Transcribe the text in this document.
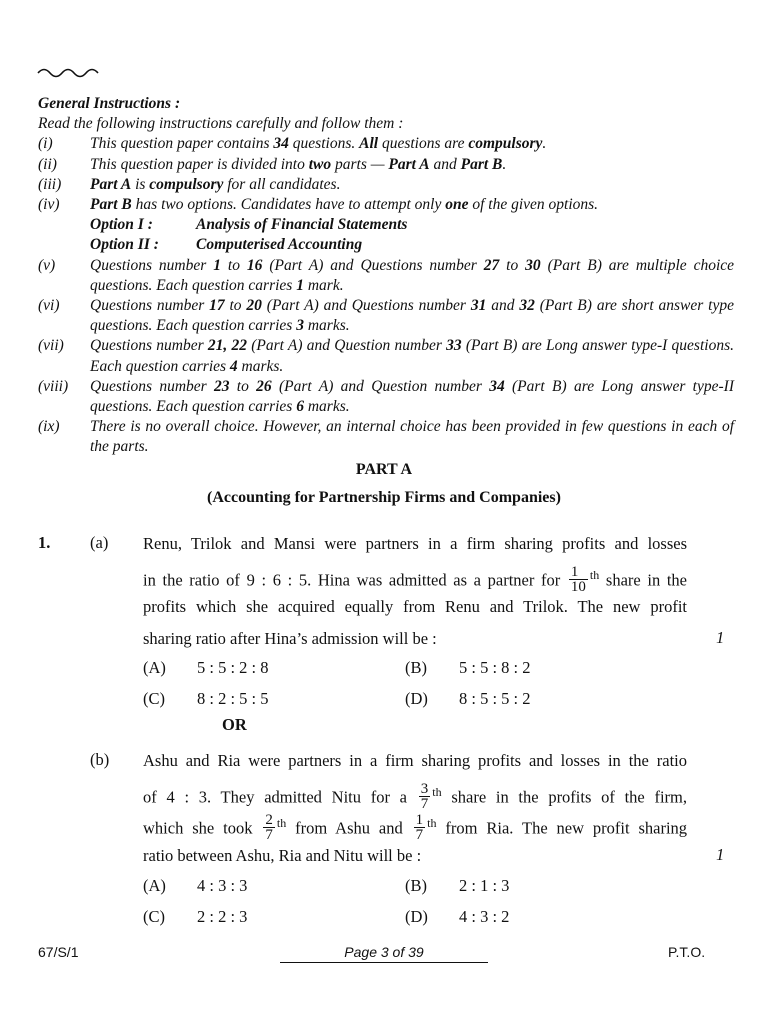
General Instructions :
Read the following instructions carefully and follow them :
(i)	This question paper contains 34 questions. All questions are compulsory.
(ii)	This question paper is divided into two parts — Part A and Part B.
(iii)	Part A is compulsory for all candidates.
(iv)	Part B has two options. Candidates have to attempt only one of the given options.
Option I :	Analysis of Financial Statements
Option II :	Computerised Accounting
(v)	Questions number 1 to 16 (Part A) and Questions number 27 to 30 (Part B) are multiple choice questions. Each question carries 1 mark.
(vi)	Questions number 17 to 20 (Part A) and Questions number 31 and 32 (Part B) are short answer type questions. Each question carries 3 marks.
(vii)	Questions number 21, 22 (Part A) and Question number 33 (Part B) are Long answer type-I questions. Each question carries 4 marks.
(viii)	Questions number 23 to 26 (Part A) and Question number 34 (Part B) are Long answer type-II questions. Each question carries 6 marks.
(ix)	There is no overall choice. However, an internal choice has been provided in few questions in each of the parts.
PART A
(Accounting for Partnership Firms and Companies)
1. (a) Renu, Trilok and Mansi were partners in a firm sharing profits and losses
in the ratio of 9 : 6 : 5. Hina was admitted as a partner for $\frac{1}{10} ^{th}$ share in the
profits which she acquired equally from Renu and Trilok. The new profit
sharing ratio after Hina’s admission will be :	1
(A) 5 : 5 : 2 : 8	(B) 5 : 5 : 8 : 2
(C) 8 : 2 : 5 : 5	(D) 8 : 5 : 5 : 2
OR
(b) Ashu and Ria were partners in a firm sharing profits and losses in the ratio
of 4 : 3. They admitted Nitu for a $\frac{3}{7} ^{th}$ share in the profits of the firm,
which she took $\frac{2}{7} ^{th}$ from Ashu and $\frac{1}{7} ^{th}$ from Ria. The new profit sharing
ratio between Ashu, Ria and Nitu will be :	1
(A) 4 : 3 : 3	(B) 2 : 1 : 3
(C) 2 : 2 : 3	(D) 4 : 3 : 2
67/S/1	Page 3 of 39	P.T.O.
